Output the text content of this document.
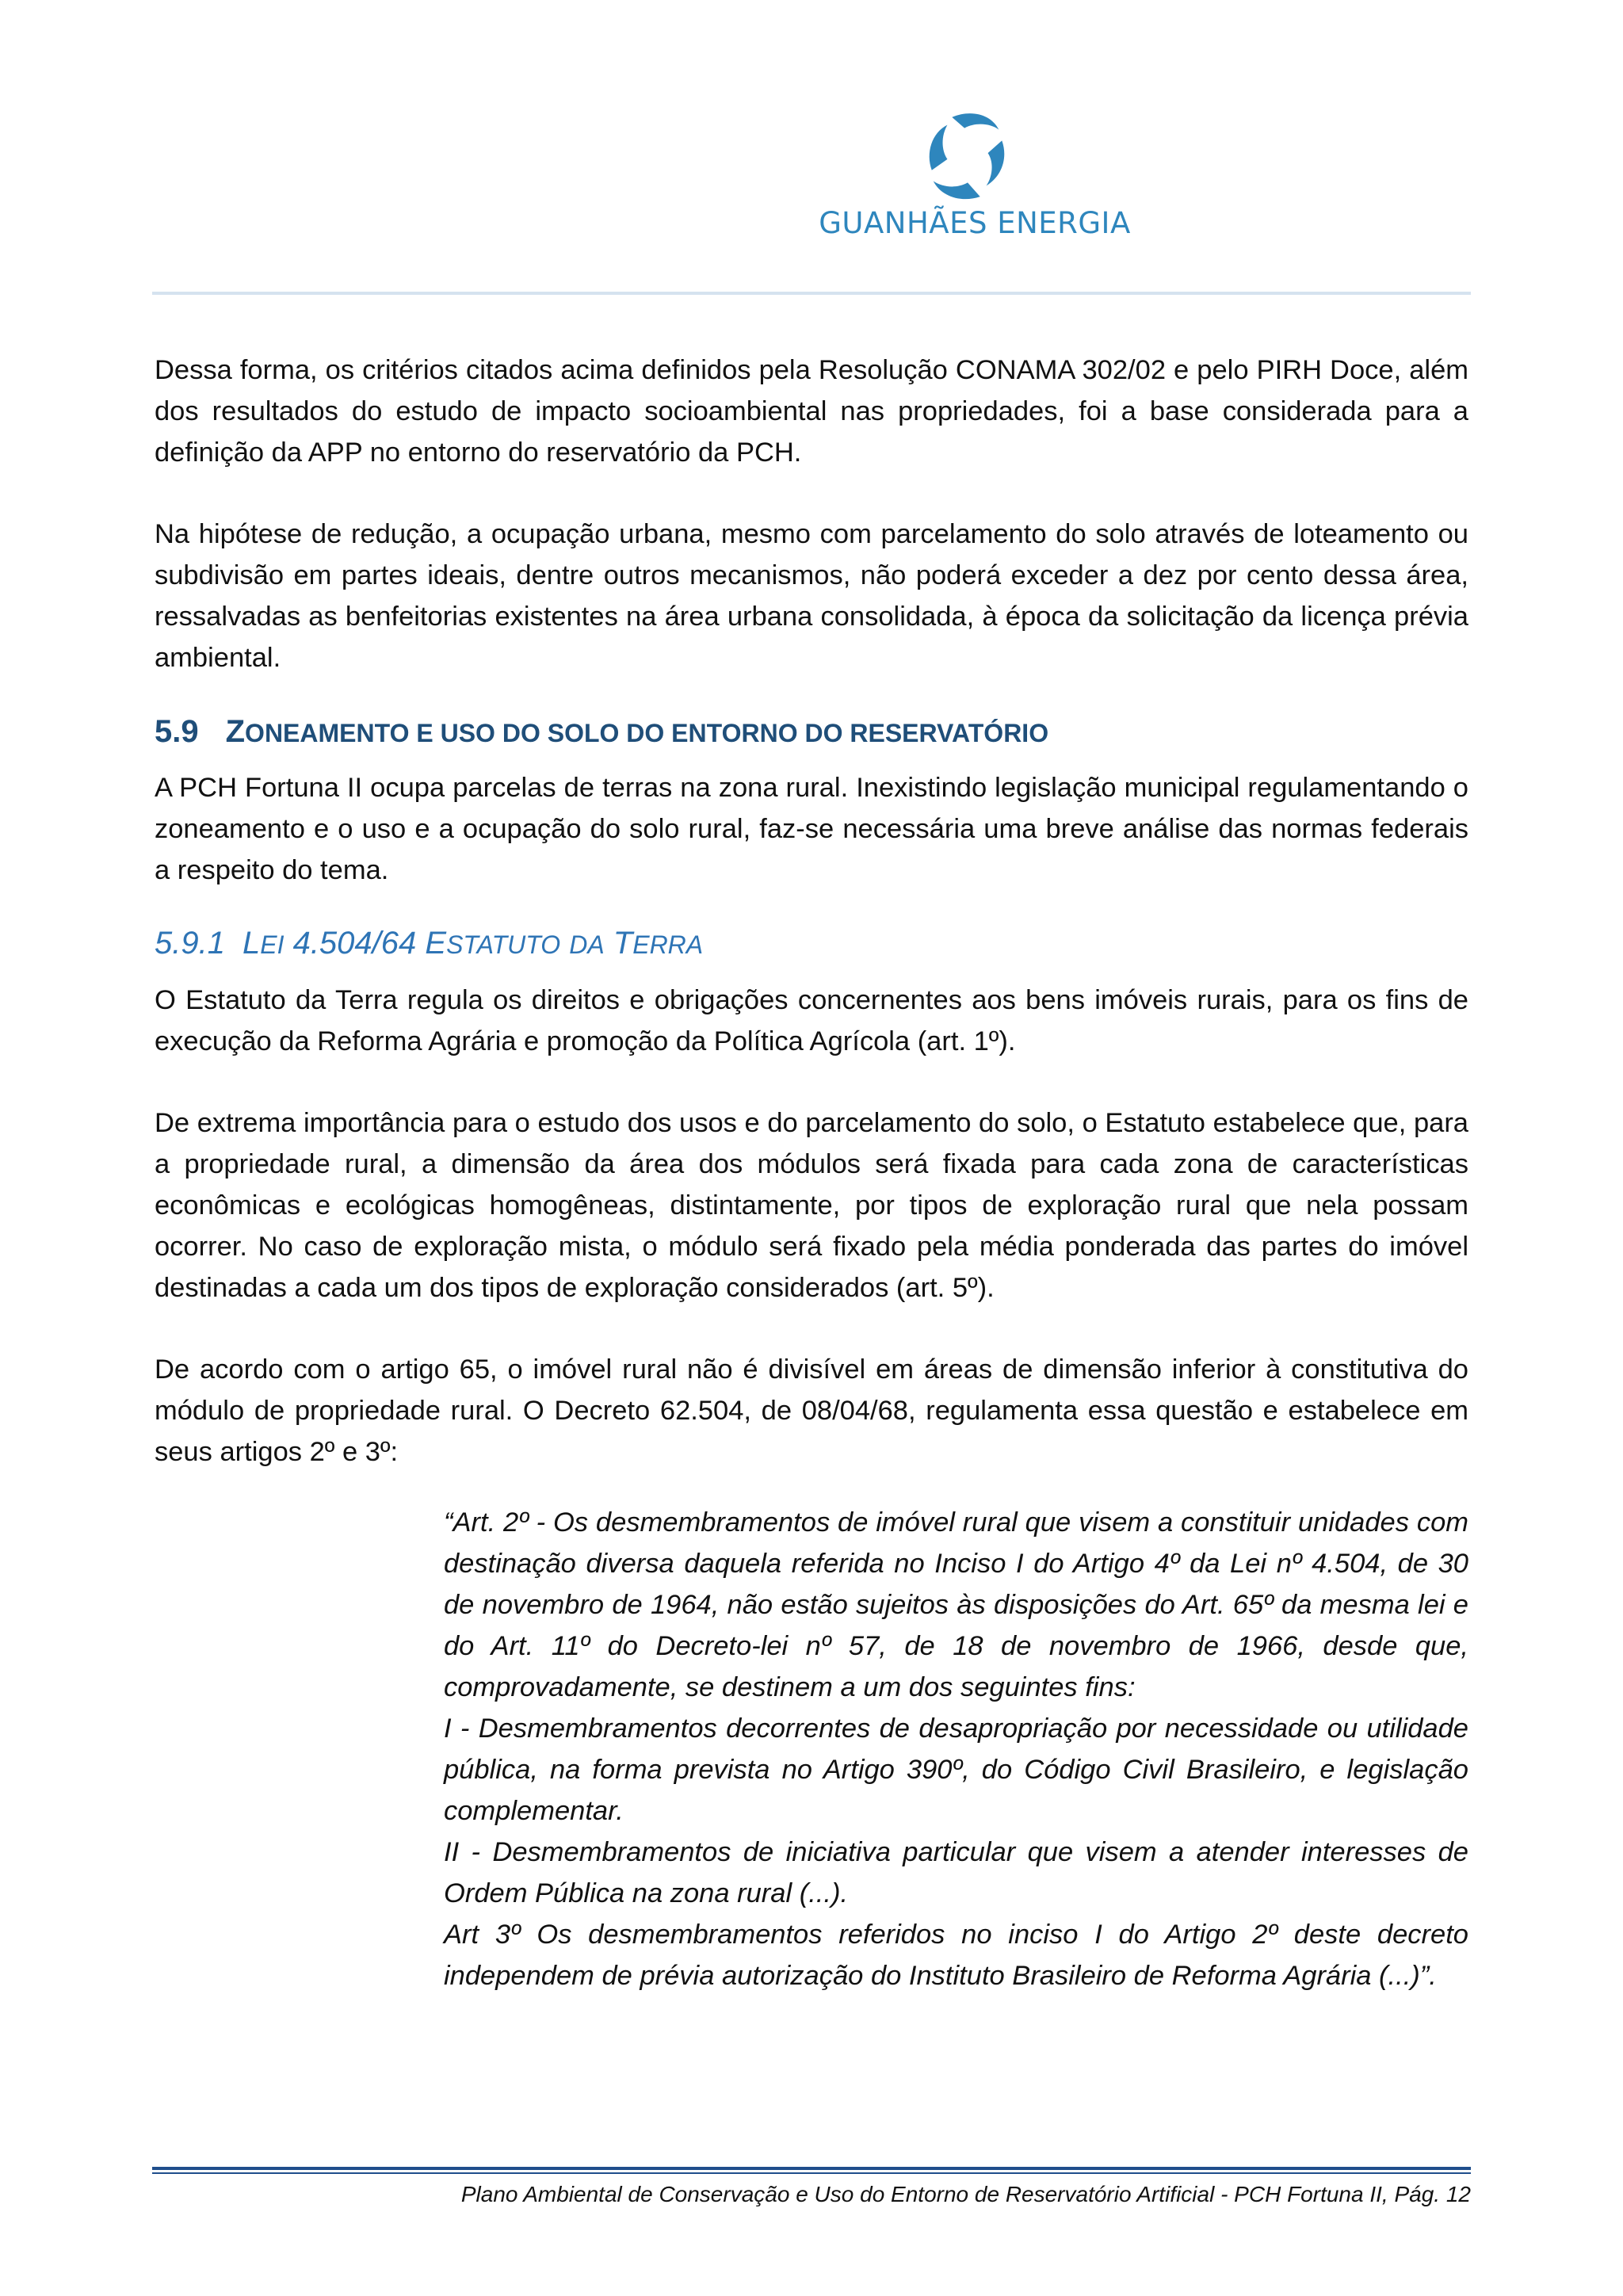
GUANHÃES ENERGIA

Dessa forma, os critérios citados acima definidos pela Resolução CONAMA 302/02 e pelo PIRH Doce, além dos resultados do estudo de impacto socioambiental nas propriedades, foi a base considerada para a definição da APP no entorno do reservatório da PCH.

Na hipótese de redução, a ocupação urbana, mesmo com parcelamento do solo através de loteamento ou subdivisão em partes ideais, dentre outros mecanismos, não poderá exceder a dez por cento dessa área, ressalvadas as benfeitorias existentes na área urbana consolidada, à época da solicitação da licença prévia ambiental.

5.9 ZONEAMENTO E USO DO SOLO DO ENTORNO DO RESERVATÓRIO

A PCH Fortuna II ocupa parcelas de terras na zona rural. Inexistindo legislação municipal regulamentando o zoneamento e o uso e a ocupação do solo rural, faz-se necessária uma breve análise das normas federais a respeito do tema.

5.9.1 LEI 4.504/64 ESTATUTO DA TERRA

O Estatuto da Terra regula os direitos e obrigações concernentes aos bens imóveis rurais, para os fins de execução da Reforma Agrária e promoção da Política Agrícola (art. 1º).

De extrema importância para o estudo dos usos e do parcelamento do solo, o Estatuto estabelece que, para a propriedade rural, a dimensão da área dos módulos será fixada para cada zona de características econômicas e ecológicas homogêneas, distintamente, por tipos de exploração rural que nela possam ocorrer. No caso de exploração mista, o módulo será fixado pela média ponderada das partes do imóvel destinadas a cada um dos tipos de exploração considerados (art. 5º).

De acordo com o artigo 65, o imóvel rural não é divisível em áreas de dimensão inferior à constitutiva do módulo de propriedade rural. O Decreto 62.504, de 08/04/68, regulamenta essa questão e estabelece em seus artigos 2º e 3º:

“Art. 2º - Os desmembramentos de imóvel rural que visem a constituir unidades com destinação diversa daquela referida no Inciso I do Artigo 4º da Lei nº 4.504, de 30 de novembro de 1964, não estão sujeitos às disposições do Art. 65º da mesma lei e do Art. 11º do Decreto-lei nº 57, de 18 de novembro de 1966, desde que, comprovadamente, se destinem a um dos seguintes fins:

I - Desmembramentos decorrentes de desapropriação por necessidade ou utilidade pública, na forma prevista no Artigo 390º, do Código Civil Brasileiro, e legislação complementar.

II - Desmembramentos de iniciativa particular que visem a atender interesses de Ordem Pública na zona rural (...).

Art 3º Os desmembramentos referidos no inciso I do Artigo 2º deste decreto independem de prévia autorização do Instituto Brasileiro de Reforma Agrária (...)”.

Plano Ambiental de Conservação e Uso do Entorno de Reservatório Artificial - PCH Fortuna II, Pág. 12
